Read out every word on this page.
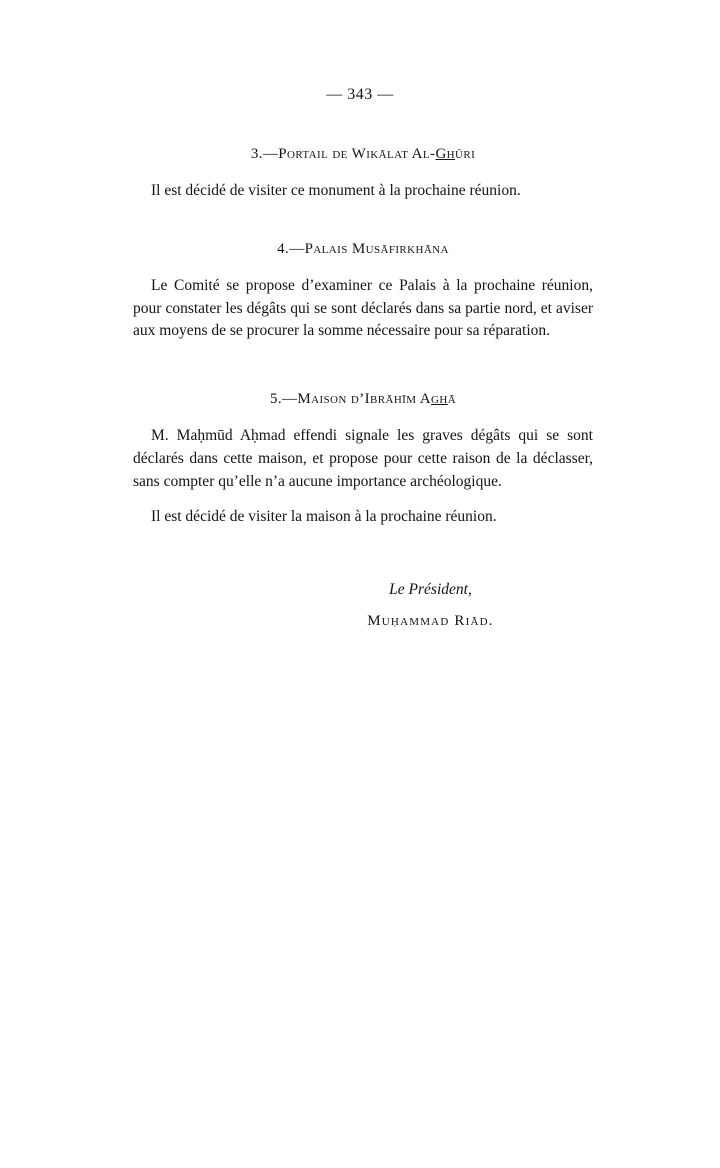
— 343 —
3.—Portail de Wikālat Al-Ghūri

Il est décidé de visiter ce monument à la prochaine réunion.

4.—Palais Musāfirkhāna

Le Comité se propose d’examiner ce Palais à la prochaine réunion, pour constater les dégâts qui se sont déclarés dans sa partie nord, et aviser aux moyens de se procurer la somme nécessaire pour sa réparation.

5.—Maison d’Ibrāhīm Aghā

M. Maḥmūd Aḥmad effendi signale les graves dégâts qui se sont déclarés dans cette maison, et propose pour cette raison de la déclasser, sans compter qu’elle n’a aucune importance archéologique.

Il est décidé de visiter la maison à la prochaine réunion.

Le Président,
Muḥammad Riād.
